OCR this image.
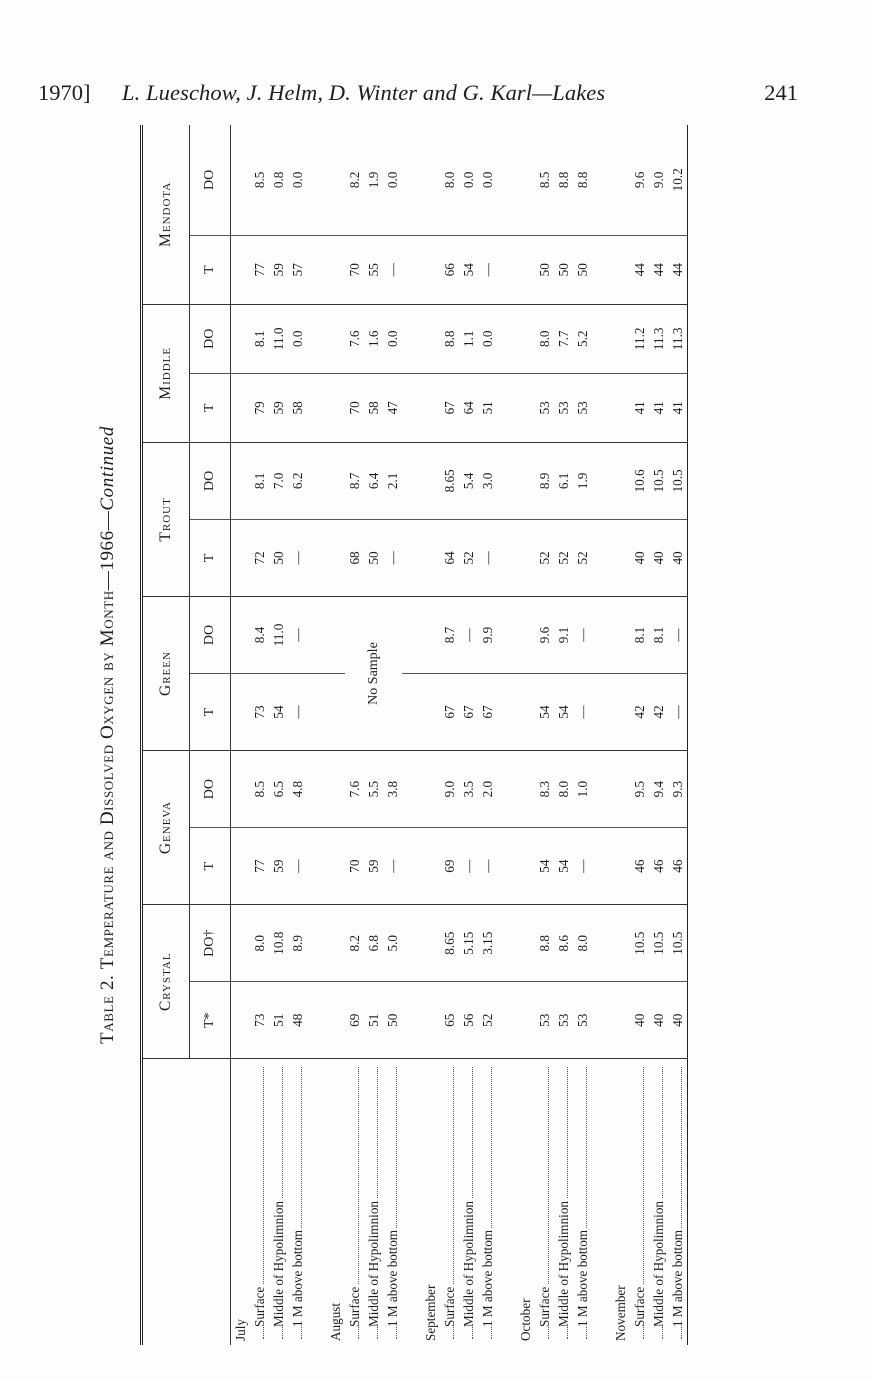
1970] L. Lueschow, J. Helm, D. Winter and G. Karl—Lakes	241
Table 2. Temperature and Dissolved Oxygen by Month—1966—Continued
	Crystal		Geneva		Green		Trout		Middle		Mendota	
	T*	DO†	T	DO	T	DO	T	DO	T	DO	T	DO
July												

Surface	73	8.0	77	8.5	73	8.4	72	8.1	79	8.1	77	8.5

Middle of Hypolimnion	51	10.8	59	6.5	54	11.0	50	7.0	59	11.0	59	0.8

1 M above bottom	48	8.9	—	4.8	—	—	—	6.2	58	0.0	57	0.0

August												

Surface	69	8.2	70	7.6	No Sample		68	8.7	70	7.6	70	8.2

Middle of Hypolimnion	51	6.8	59	5.5			50	6.4	58	1.6	55	1.9

1 M above bottom	50	5.0	—	3.8			—	2.1	47	0.0	—	0.0

September												

Surface	65	8.65	69	9.0	67	8.7	64	8.65	67	8.8	66	8.0

Middle of Hypolimnion	56	5.15	—	3.5	67	—	52	5.4	64	1.1	54	0.0

1 M above bottom	52	3.15	—	2.0	67	9.9	—	3.0	51	0.0	—	0.0

October												

Surface	53	8.8	54	8.3	54	9.6	52	8.9	53	8.0	50	8.5

Middle of Hypolimnion	53	8.6	54	8.0	54	9.1	52	6.1	53	7.7	50	8.8

1 M above bottom	53	8.0	—	1.0	—	—	52	1.9	53	5.2	50	8.8

November												

Surface	40	10.5	46	9.5	42	8.1	40	10.6	41	11.2	44	9.6

Middle of Hypolimnion	40	10.5	46	9.4	42	8.1	40	10.5	41	11.3	44	9.0

1 M above bottom	40	10.5	46	9.3	—	—	40	10.5	41	11.3	44	10.2
